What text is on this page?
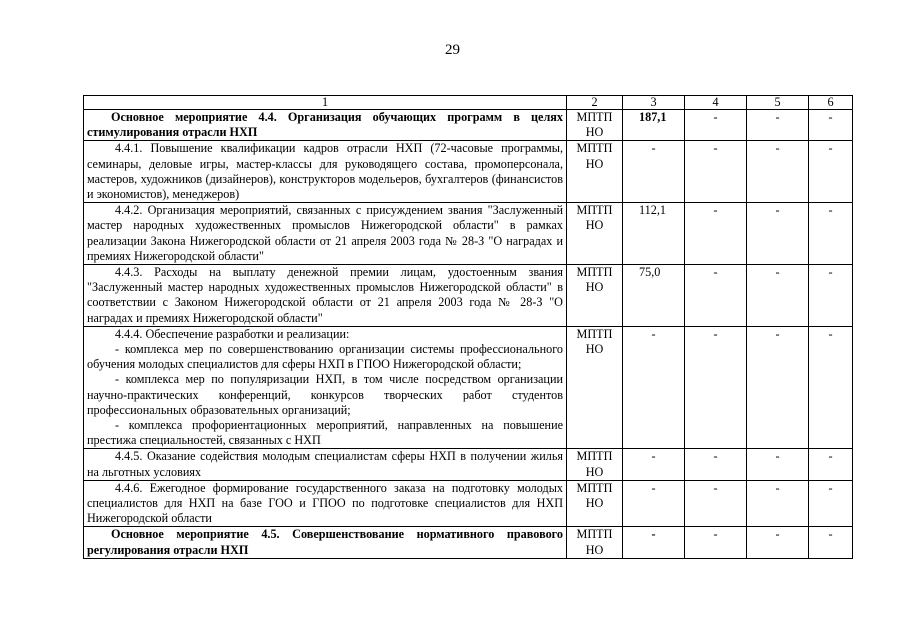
29
1	2	3	4	5	6

Основное мероприятие 4.4. Организация обучающих программ в целях стимулирования отрасли НХП	МПТП НО	187,1	-	-	-

4.4.1. Повышение квалификации кадров отрасли НХП (72-часовые программы, семинары, деловые игры, мастер-классы для руководящего состава, промоперсонала, мастеров, художников (дизайнеров), конструкторов модельеров, бухгалтеров (финансистов и экономистов), менеджеров)	МПТП НО	-	-	-	-

4.4.2. Организация мероприятий, связанных с присуждением звания "Заслуженный мастер народных художественных промыслов Нижегородской области" в рамках реализации Закона Нижегородской области от 21 апреля 2003 года № 28-З "О наградах и премиях Нижегородской области"	МПТП НО	112,1	-	-	-

4.4.3. Расходы на выплату денежной премии лицам, удостоенным звания "Заслуженный мастер народных художественных промыслов Нижегородской области" в соответствии с Законом Нижегородской области от 21 апреля 2003 года № 28-З "О наградах и премиях Нижегородской области"	МПТП НО	75,0	-	-	-

4.4.4. Обеспечение разработки и реализации:
- комплекса мер по совершенствованию организации системы профессионального обучения молодых специалистов для сферы НХП в ГПОО Нижегородской области;
- комплекса мер по популяризации НХП, в том числе посредством организации научно-практических конференций, конкурсов творческих работ студентов профессиональных образовательных организаций;
- комплекса профориентационных мероприятий, направленных на повышение престижа специальностей, связанных с НХП	МПТП НО	-	-	-	-

4.4.5. Оказание содействия молодым специалистам сферы НХП в получении жилья на льготных условиях	МПТП НО	-	-	-	-

4.4.6. Ежегодное формирование государственного заказа на подготовку молодых специалистов для НХП на базе ГОО и ГПОО по подготовке специалистов для НХП Нижегородской области	МПТП НО	-	-	-	-

Основное мероприятие 4.5. Совершенствование нормативного правового регулирования отрасли НХП	МПТП НО	-	-	-	-
